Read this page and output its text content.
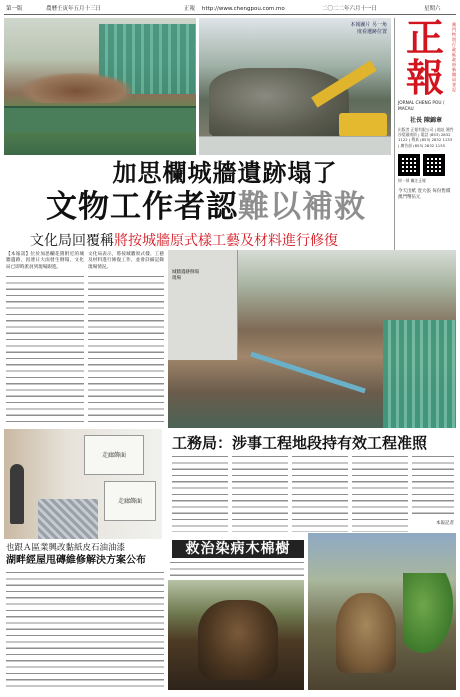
第一版	農曆壬寅年五月十三日	正報 http://www.chengpou.com.mo	二〇二二年六月十一日	星期六
本報圖片 另一角度看遺跡位置 正報
澳門特別行政區政府新聞局登記
JORNAL CHENG POU / MACAU
社長 陳錦章
出版者 正報有限公司 | 地址 澳門沙梨頭南街 | 電話 (853) 2832 1122 | 傳真 (853) 2832 1133 | 廣告部 (853) 2832 1155
掃一掃 關注正報
今天出紙 壹大張 每份售價澳門幣伍元
加思欄城牆遺跡塌了
文物工作者認難以補救
文化局回覆稱將按城牆原式樣工藝及材料進行修復
【本報訊】位於加思欄花園附近的城牆遺跡，因連日大雨發生倒塌，文化局已即時派員到現場跟進。
文化局表示，將按城牆原式樣、工藝及材料進行修復工作，並會詳細記錄現場情況。
城牆遺跡倒塌現場
工務局：涉事工程地段持有效工程准照
本報記者
走廊飾面
走廊飾面
也跟Ａ區業興改黏紙皮石油油漆
湖畔經屋甩磚維修解決方案公布
救治染病木棉樹
